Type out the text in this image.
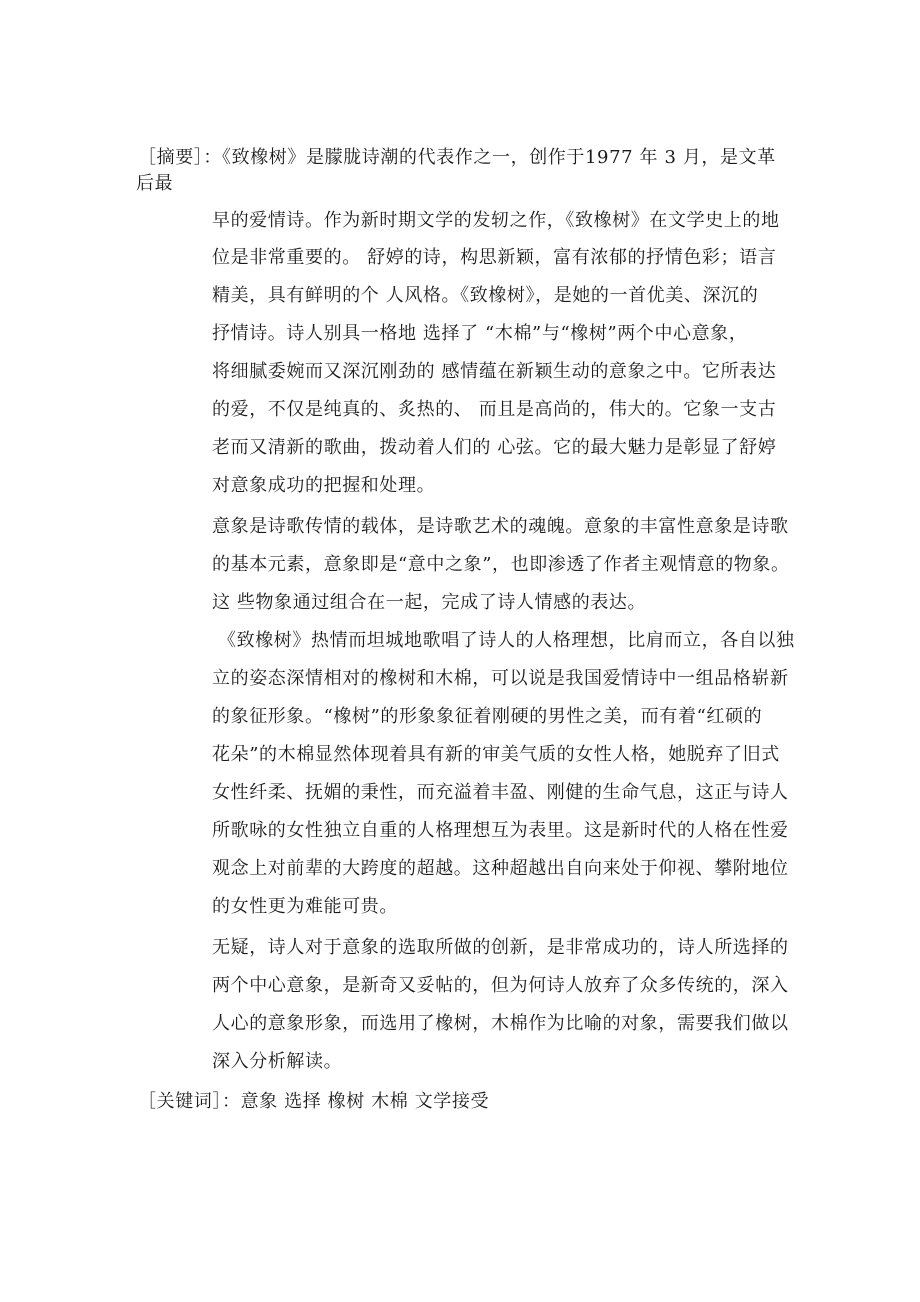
［摘要］：《致橡树》是朦胧诗潮的代表作之一，创作于1977 年 3 月，是文革
后最
早的爱情诗。作为新时期文学的发轫之作，《致橡树》在文学史上的地
位是非常重要的。 舒婷的诗，构思新颖，富有浓郁的抒情色彩；语言
精美，具有鲜明的个 人风格。《致橡树》，是她的一首优美、深沉的
抒情诗。诗人别具一格地 选择了 “木棉”与“橡树”两个中心意象，
将细腻委婉而又深沉刚劲的 感情蕴在新颖生动的意象之中。它所表达
的爱，不仅是纯真的、炙热的、 而且是高尚的，伟大的。它象一支古
老而又清新的歌曲，拨动着人们的 心弦。它的最大魅力是彰显了舒婷
对意象成功的把握和处理。
意象是诗歌传情的载体，是诗歌艺术的魂魄。意象的丰富性意象是诗歌
的基本元素，意象即是“意中之象”，也即渗透了作者主观情意的物象。
这 些物象通过组合在一起，完成了诗人情感的表达。
《致橡树》热情而坦城地歌唱了诗人的人格理想，比肩而立，各自以独
立的姿态深情相对的橡树和木棉，可以说是我国爱情诗中一组品格崭新
的象征形象。“橡树”的形象象征着刚硬的男性之美，而有着“红硕的
花朵”的木棉显然体现着具有新的审美气质的女性人格，她脱弃了旧式
女性纤柔、抚媚的秉性，而充溢着丰盈、刚健的生命气息，这正与诗人
所歌咏的女性独立自重的人格理想互为表里。这是新时代的人格在性爱
观念上对前辈的大跨度的超越。这种超越出自向来处于仰视、攀附地位
的女性更为难能可贵。
无疑，诗人对于意象的选取所做的创新，是非常成功的，诗人所选择的
两个中心意象，是新奇又妥帖的，但为何诗人放弃了众多传统的，深入
人心的意象形象，而选用了橡树，木棉作为比喻的对象，需要我们做以
深入分析解读。
［关键词］：意象 选择 橡树 木棉 文学接受
